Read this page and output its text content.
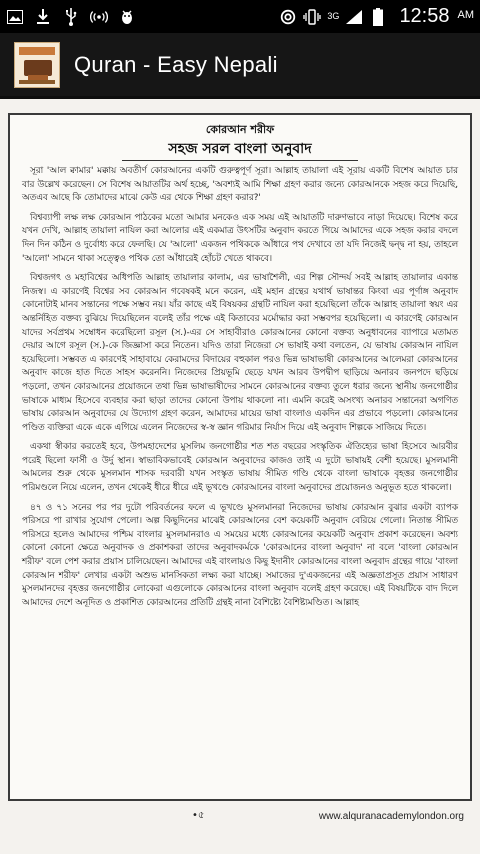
3G	12:58 AM
Quran - Easy Nepali
কোরআন শরীফ
সহজ সরল বাংলা অনুবাদ

সূরা 'আল ক্বামার' মক্কায় অবতীর্ণ কোরআনের একটি গুরুত্বপূর্ণ সূরা। আল্লাহ তায়ালা এই সূরায় একটি বিশেষ আয়াত চার বার উল্লেখ করেছেন। সে বিশেষ আয়াতটির অর্থ হচ্ছে, 'অবশ্যই আমি শিক্ষা গ্রহণ করার জন্যে কোরআনকে সহজ করে দিয়েছি, অতএব আছে কি তোমাদের মাঝে কেউ এর থেকে শিক্ষা গ্রহণ করার?'

বিশ্বব্যাপী লক্ষ লক্ষ কোরআন পাঠকের মতো আমার মনকেও এক সময় এই আয়াতটি দারুণভাবে নাড়া দিয়েছে। বিশেষ করে যখন দেখি, আল্লাহ তায়ালা নাযিল করা আলোর এই একমাত্র উৎসটির অনুবাদ করতে গিয়ে আমাদের একে সহজ করার বদলে দিন দিন কঠিন ও দুর্বোধ্য করে ফেলছি। যে 'আলো' একজন পথিককে আঁধারে পথ দেখাবে তা যদি নিজেই দ্বন্দ্ব না হয়, তাহলে 'আলো' সামনে থাকা সত্ত্বেও পথিক তো আঁধারেই হোঁচট খেতে থাকবে।

বিশ্বজগৎ ও মহাবিশ্বের অধিপতি আল্লাহ তায়ালার কালাম, এর ভাষাশৈলী, এর শিল্প সৌন্দর্য সবই আল্লাহ তায়ালার একান্ত নিজস্ব। এ কারণেই বিশ্বের সব কোরআন গবেষকই মনে করেন, এই মহান গ্রন্থের যথার্থ ভাষান্তর কিংবা এর পূর্ণাঙ্গ অনুবাদ কোনোটাই মানব সন্তানের পক্ষে সম্ভব নয়। যাঁর কাছে এই বিষয়কর গ্রন্থটি নাযিল করা হয়েছিলো তাঁকে আল্লাহ তায়ালা স্বয়ং এর অন্তর্নিহিত বক্তব্য বুঝিয়ে দিয়েছিলেন বলেই তাঁর পক্ষে এই কিতাবের মর্মোদ্ধার করা সম্ভবপর হয়েছিলো। এ কারণেই কোরআন যাদের সর্বপ্রথম সম্বোধন করেছিলো রসূল (স.)-এর সে সাহাবীরাও কোরআনের কোনো বক্তব্য অনুধাবনের ব্যাপারে মতামত দেয়ার আগে রসূল (স.)-কে জিজ্ঞাসা করে নিতেন। যদিও তারা নিজেরা সে ভাষাই কথা বলতেন, যে ভাষায় কোরআন নাযিল হয়েছিলো। সম্ভবত এ কারণেই সাহাবায়ে কেরামদের বিদায়ের বহুকাল পরও ভিন্ন ভাষাভাষী কোরআনের আলেমরা কোরআনের অনুবাদ কাজে হাত দিতে সাহস করেননি। নিজেদের প্রিয়ভূমি ছেড়ে যখন আরব উপদ্বীপ ছাড়িয়ে অনারব জনপদে ছড়িয়ে পড়লো, তখন কোরআনের প্রয়োজনে তথা ভিন্ন ভাষাভাষীদের সামনে কোরআনের বক্তব্য তুলে ধরার জন্যে স্থানীয় জনগোষ্ঠীর ভাষাকে মাধ্যম হিসেবে ব্যবহার করা ছাড়া তাদের কোনো উপায় থাকলো না। এমনি করেই অসংখ্য অনারব সন্তানেরা অগণিত ভাষায় কোরআন অনুবাদের যে উদ্যোগ গ্রহণ করেন, আমাদের মায়ের ভাষা বাংলাও একদিন এর প্রভাবে পড়লো। কোরআনের পণ্ডিত ব্যক্তিরা একে একে এগিয়ে এলেন নিজেদের স্ব-স্ব জ্ঞান গরিমার নির্যাস দিয়ে এই অনুবাদ শিল্পকে সাজিয়ে দিতে।

একথা স্বীকার করতেই হবে, উপমহাদেশের মুসলিম জনগোষ্ঠীর শত শত বছরের সংস্কৃতিক ঐতিহ্যের ভাষা হিসেবে আরবীর পরেই ছিলো ফার্সী ও উর্দু স্থান। স্বাভাবিকভাবেই কোরআন অনুবাদের কাজও তাই এ দুটো ভাষায়ই বেশী হয়েছে। মুসলমানী আমলের শুরু থেকে মুসলমান শাসক দরবারী যখন সংস্কৃত ভাষায় সীমিত গণ্ডি থেকে বাংলা ভাষাকে বৃহত্তর জনগোষ্ঠীর পরিমণ্ডলে নিয়ে এলেন, তখন থেকেই ধীরে ধীরে এই ভূখণ্ডে কোরআনের বাংলা অনুবাদের প্রয়োজনও অনুভূত হতে থাকলো।

৪৭ ও ৭১ সনের পর পর দুটো পরিবর্তনের ফলে এ ভূখণ্ডে মুসলমানরা নিজেদের ভাষায় কোরআন বুঝার একটা ব্যাপক পরিসরে পা রাখার সুযোগ পেলো। অল্প কিছুদিনের মাঝেই কোরআনের বেশ কয়েকটি অনুবাদ বেরিয়ে গেলো। নিতান্ত সীমিত পরিসরে হলেও আমাদের পশ্চিম বাংলার মুসলমানরাও এ সময়ের মধ্যে কোরআনের কয়েকটি অনুবাদ প্রকাশ করেছেন। অবশ্য কোনো কোনো ক্ষেত্রে অনুবাদক ও প্রকাশকরা তাদের অনুবাদকর্মকে 'কোরআনের বাংলা অনুবাদ' না বলে 'বাংলা কোরআন শরীফ' বলে পেশ করার প্রয়াস চালিয়েছেন। আমাদের এই বাংলায়ও কিছু ইদানীং কোরআনের বাংলা অনুবাদ গ্রন্থের গায়ে 'বাংলা কোরআন শরীফ' লেখার একটা অশুভ মানসিকতা লক্ষ্য করা যাচ্ছে। সমাজের দু'একজনের এই অজ্ঞতাপ্রসূত প্রয়াস সাধারণ মুসলমানদের বৃহত্তর জনগোষ্ঠীর লোকেরা এগুলোকে কোরআনের বাংলা অনুবাদ বলেই গ্রহণ করেছে। এই বিষয়টিকে বাদ দিলে আমাদের দেশে অনূদিত ও প্রকাশিত কোরআনের প্রতিটি গ্রন্থই নানা বৈশিষ্ট্যে বৈশিষ্ট্যমণ্ডিত। আল্লাহ

•৫	www.alquranacademylondon.org
